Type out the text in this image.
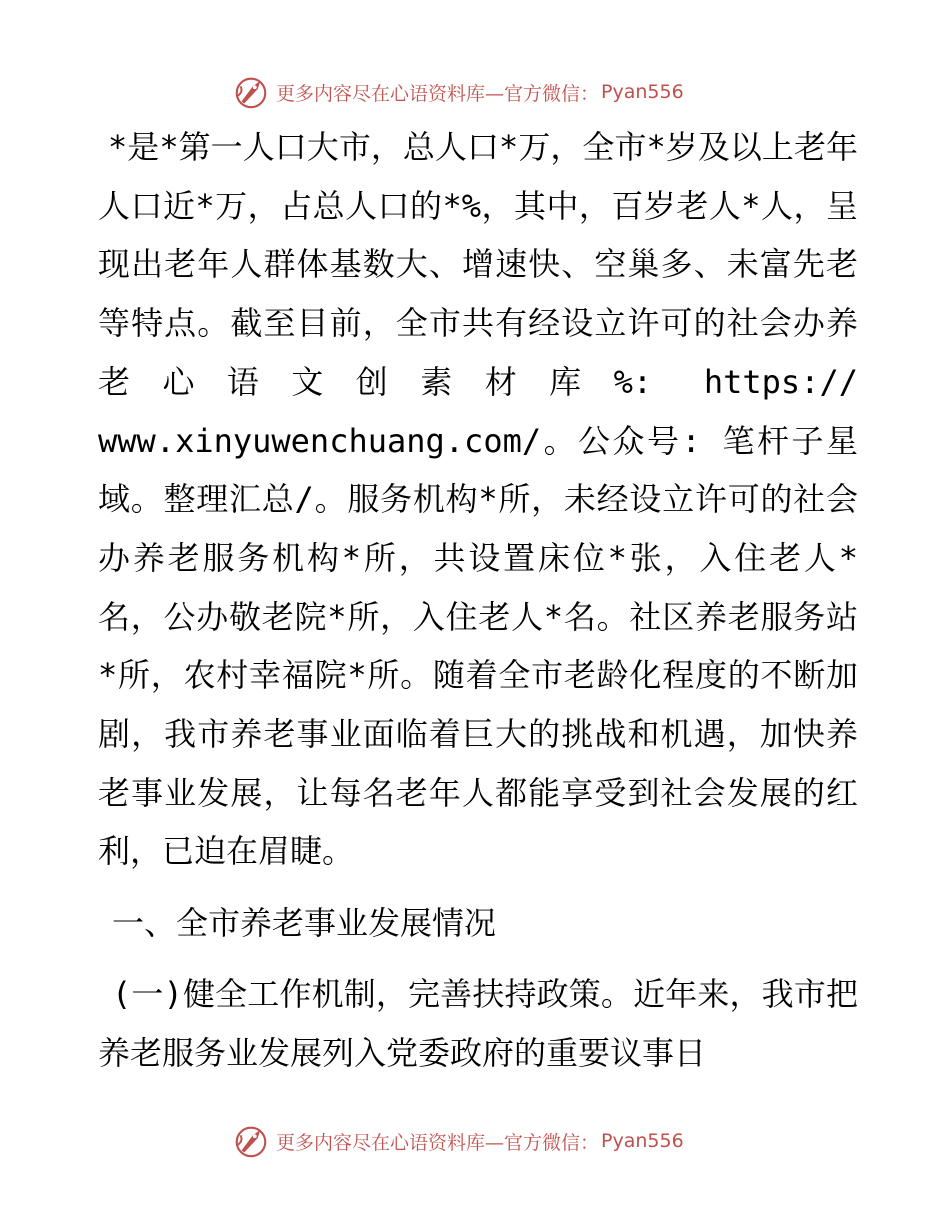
更多内容尽在心语资料库—官方微信： Pyan556

*是*第一人口大市，总人口*万，全市*岁及以上老年人口近*万，占总人口的*%，其中，百岁老人*人，呈现出老年人群体基数大、增速快、空巢多、未富先老等特点。截至目前，全市共有经设立许可的社会办养老心语文创素材库%: https:// www.xinyuwenchuang.com/。公众号: 笔杆子星域。整理汇总/。服务机构*所，未经设立许可的社会办养老服务机构*所，共设置床位*张，入住老人*名，公办敬老院*所，入住老人*名。社区养老服务站*所，农村幸福院*所。随着全市老龄化程度的不断加剧，我市养老事业面临着巨大的挑战和机遇，加快养老事业发展，让每名老年人都能享受到社会发展的红利，已迫在眉睫。

一、全市养老事业发展情况

(一)健全工作机制，完善扶持政策。近年来，我市把养老服务业发展列入党委政府的重要议事日

更多内容尽在心语资料库—官方微信： Pyan556
